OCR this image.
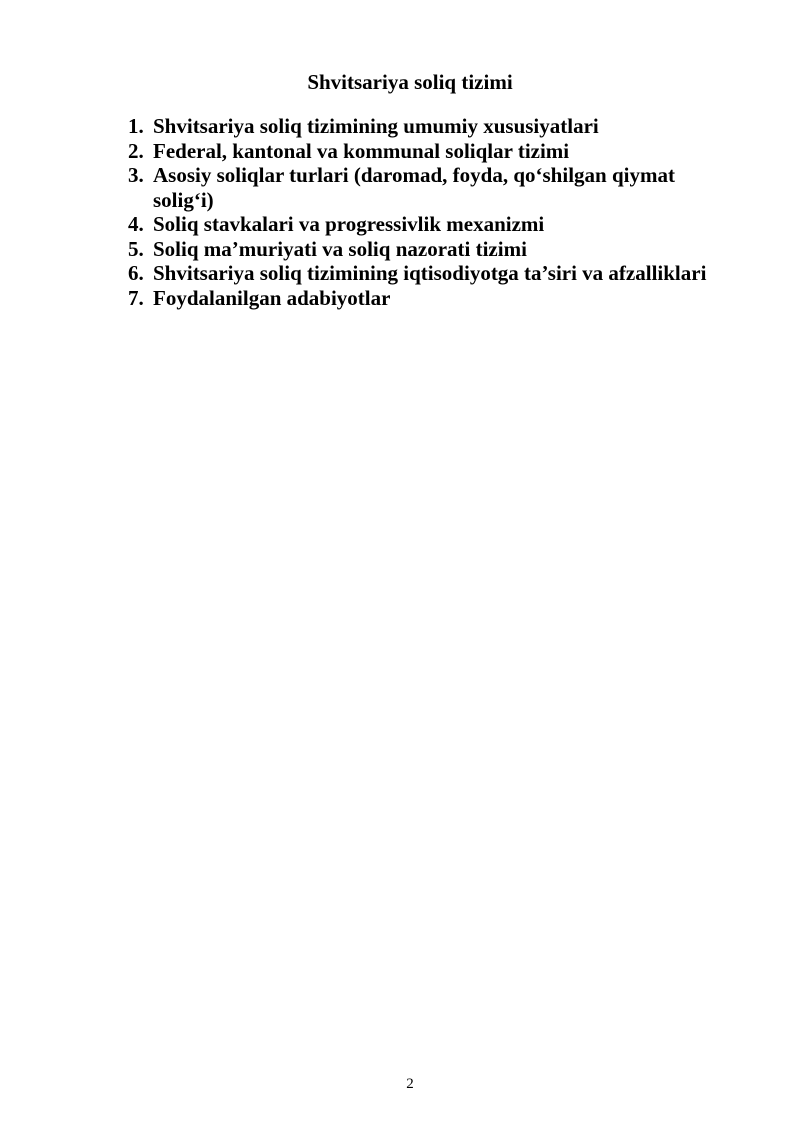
Shvitsariya soliq tizimi
1. Shvitsariya soliq tizimining umumiy xususiyatlari
2. Federal, kantonal va kommunal soliqlar tizimi
3. Asosiy soliqlar turlari (daromad, foyda, qo‘shilgan qiymat solig‘i)
4. Soliq stavkalari va progressivlik mexanizmi
5. Soliq ma’muriyati va soliq nazorati tizimi
6. Shvitsariya soliq tizimining iqtisodiyotga ta’siri va afzalliklari
7. Foydalanilgan adabiyotlar
2
